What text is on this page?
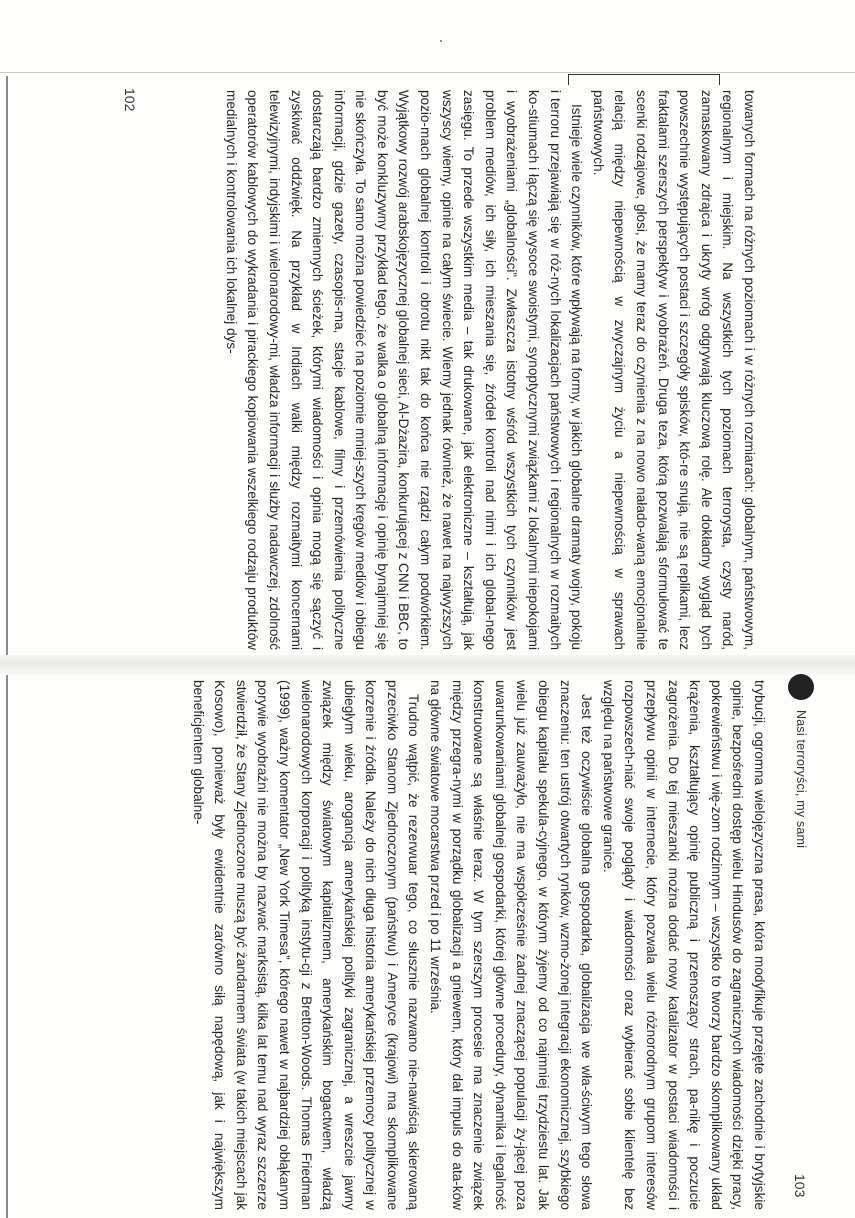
towanych formach na różnych poziomach i w różnych rozmiarach: globalnym, państwowym, regionalnym i miejskim. Na wszystkich tych poziomach terrorysta, czysty naród, zamaskowany zdrajca i ukryty wróg odgrywają kluczową rolę. Ale dokładny wygląd tych powszechnie występujących postaci i szczegóły spisków, któ-re snują, nie są replikami, lecz fraktalami szerszych perspektyw i wyobrażeń. Druga teza, którą pozwalają sformułować te scenki rodzajowe, głosi, że mamy teraz do czynienia z na nowo nałado-waną emocjonalnie relacją między niepewnością w zwyczajnym życiu a niepewnością w sprawach państwowych.

Istnieje wiele czynników, które wpływają na formy, w jakich globalne dramaty wojny, pokoju i terroru przejawiają się w róż-nych lokalizacjach państwowych i regionalnych w rozmaitych ko-stiumach i łączą się wysoce swoistymi, synoptycznymi związkami z lokalnymi niepokojami i wyobrażeniami „globalności”. Zwłaszcza istotny wśród wszystkich tych czynników jest problem mediów, ich siły, ich mieszania się, źródeł kontroli nad nimi i ich global-nego zasięgu. To przede wszystkim media – tak drukowane, jak elektroniczne – kształtują, jak wszyscy wiemy, opinie na całym świecie. Wiemy jednak również, że nawet na najwyższych pozio-mach globalnej kontroli i obrotu nikt tak do końca nie rządzi całym podwórkiem. Wyjątkowy rozwój arabskojęzycznej globalnej sieci, Al-Dżazira, konkurującej z CNN i BBC, to być może konkluzywny przykład tego, że walka o globalną informację i opinię bynajmniej się nie skończyła. To samo można powiedzieć na poziomie mniej-szych kręgów mediów i obiegu informacji, gdzie gazety, czasopis-ma, stacje kablowe, filmy i przemówienia polityczne dostarczają bardzo zmiennych ścieżek, którymi wiadomości i opinia mogą się sączyć i zyskiwać oddźwięk. Na przykład w Indiach walki między rozmaitymi koncernami telewizyjnymi, indyjskimi i wielonarodowy-mi, władza informacji i służby nadawczej, zdolność operatorów kablowych do wykradania i pirackiego kopiowania wszelkiego rodzaju produktów medialnych i kontrolowania ich lokalnej dys-

102
Nasi terroryści, my sami
103

trybucji, ogromna wielojęzyczna prasa, która modyfikuje przejęte zachodnie i brytyjskie opinie, bezpośredni dostęp wielu Hindusów do zagranicznych wiadomości dzięki pracy, pokrewieństwu i wię-zom rodzinnym – wszystko to tworzy bardzo skomplikowany układ krążenia, kształtujący opinię publiczną i przenoszący strach, pa-nikę i poczucie zagrożenia. Do tej mieszanki można dodać nowy katalizator w postaci wiadomości i przepływu opinii w internecie, który pozwala wielu różnorodnym grupom interesów rozpowszech-niać swoje poglądy i wiadomości oraz wybierać sobie klientelę bez względu na państwowe granice.

Jest też oczywiście globalna gospodarka, globalizacja we wła-ściwym tego słowa znaczeniu: ten ustrój otwartych rynków, wzmo-żonej integracji ekonomicznej, szybkiego obiegu kapitału spekula-cyjnego, w którym żyjemy od co najmniej trzydziestu lat. Jak wielu już zauważyło, nie ma współcześnie żadnej znaczącej populacji ży-jącej poza uwarunkowaniami globalnej gospodarki, której główne procedury, dynamika i legalność konstruowane są właśnie teraz. W tym szerszym procesie ma znaczenie związek między przegra-nymi w porządku globalizacji a gniewem, który dał impuls do ata-ków na główne światowe mocarstwa przed i po 11 września.

Trudno wątpić, że rezerwuar tego, co słusznie nazwano nie-nawiścią skierowaną przeciwko Stanom Zjednoczonym (państwu) i Ameryce (krajowi) ma skomplikowane korzenie i źródła. Należy do nich długa historia amerykańskiej przemocy politycznej w ubiegłym wieku, arogancja amerykańskiej polityki zagranicznej, a wreszcie jawny związek między światowym kapitalizmem, amerykańskim bogactwem, władzą wielonarodowych korporacji i polityką instytu-cji z Bretton-Woods. Thomas Friedman (1999), ważny komentator „New York Timesa”, którego nawet w najbardziej obłąkanym porywie wyobraźni nie można by nazwać marksistą, kilka lat temu nad wyraz szczerze stwierdził, że Stany Zjednoczone muszą być żandarmem świata (w takich miejscach jak Kosowo), ponieważ były ewidentnie zarówno siłą napędową, jak i największym beneficjentem globalne-
